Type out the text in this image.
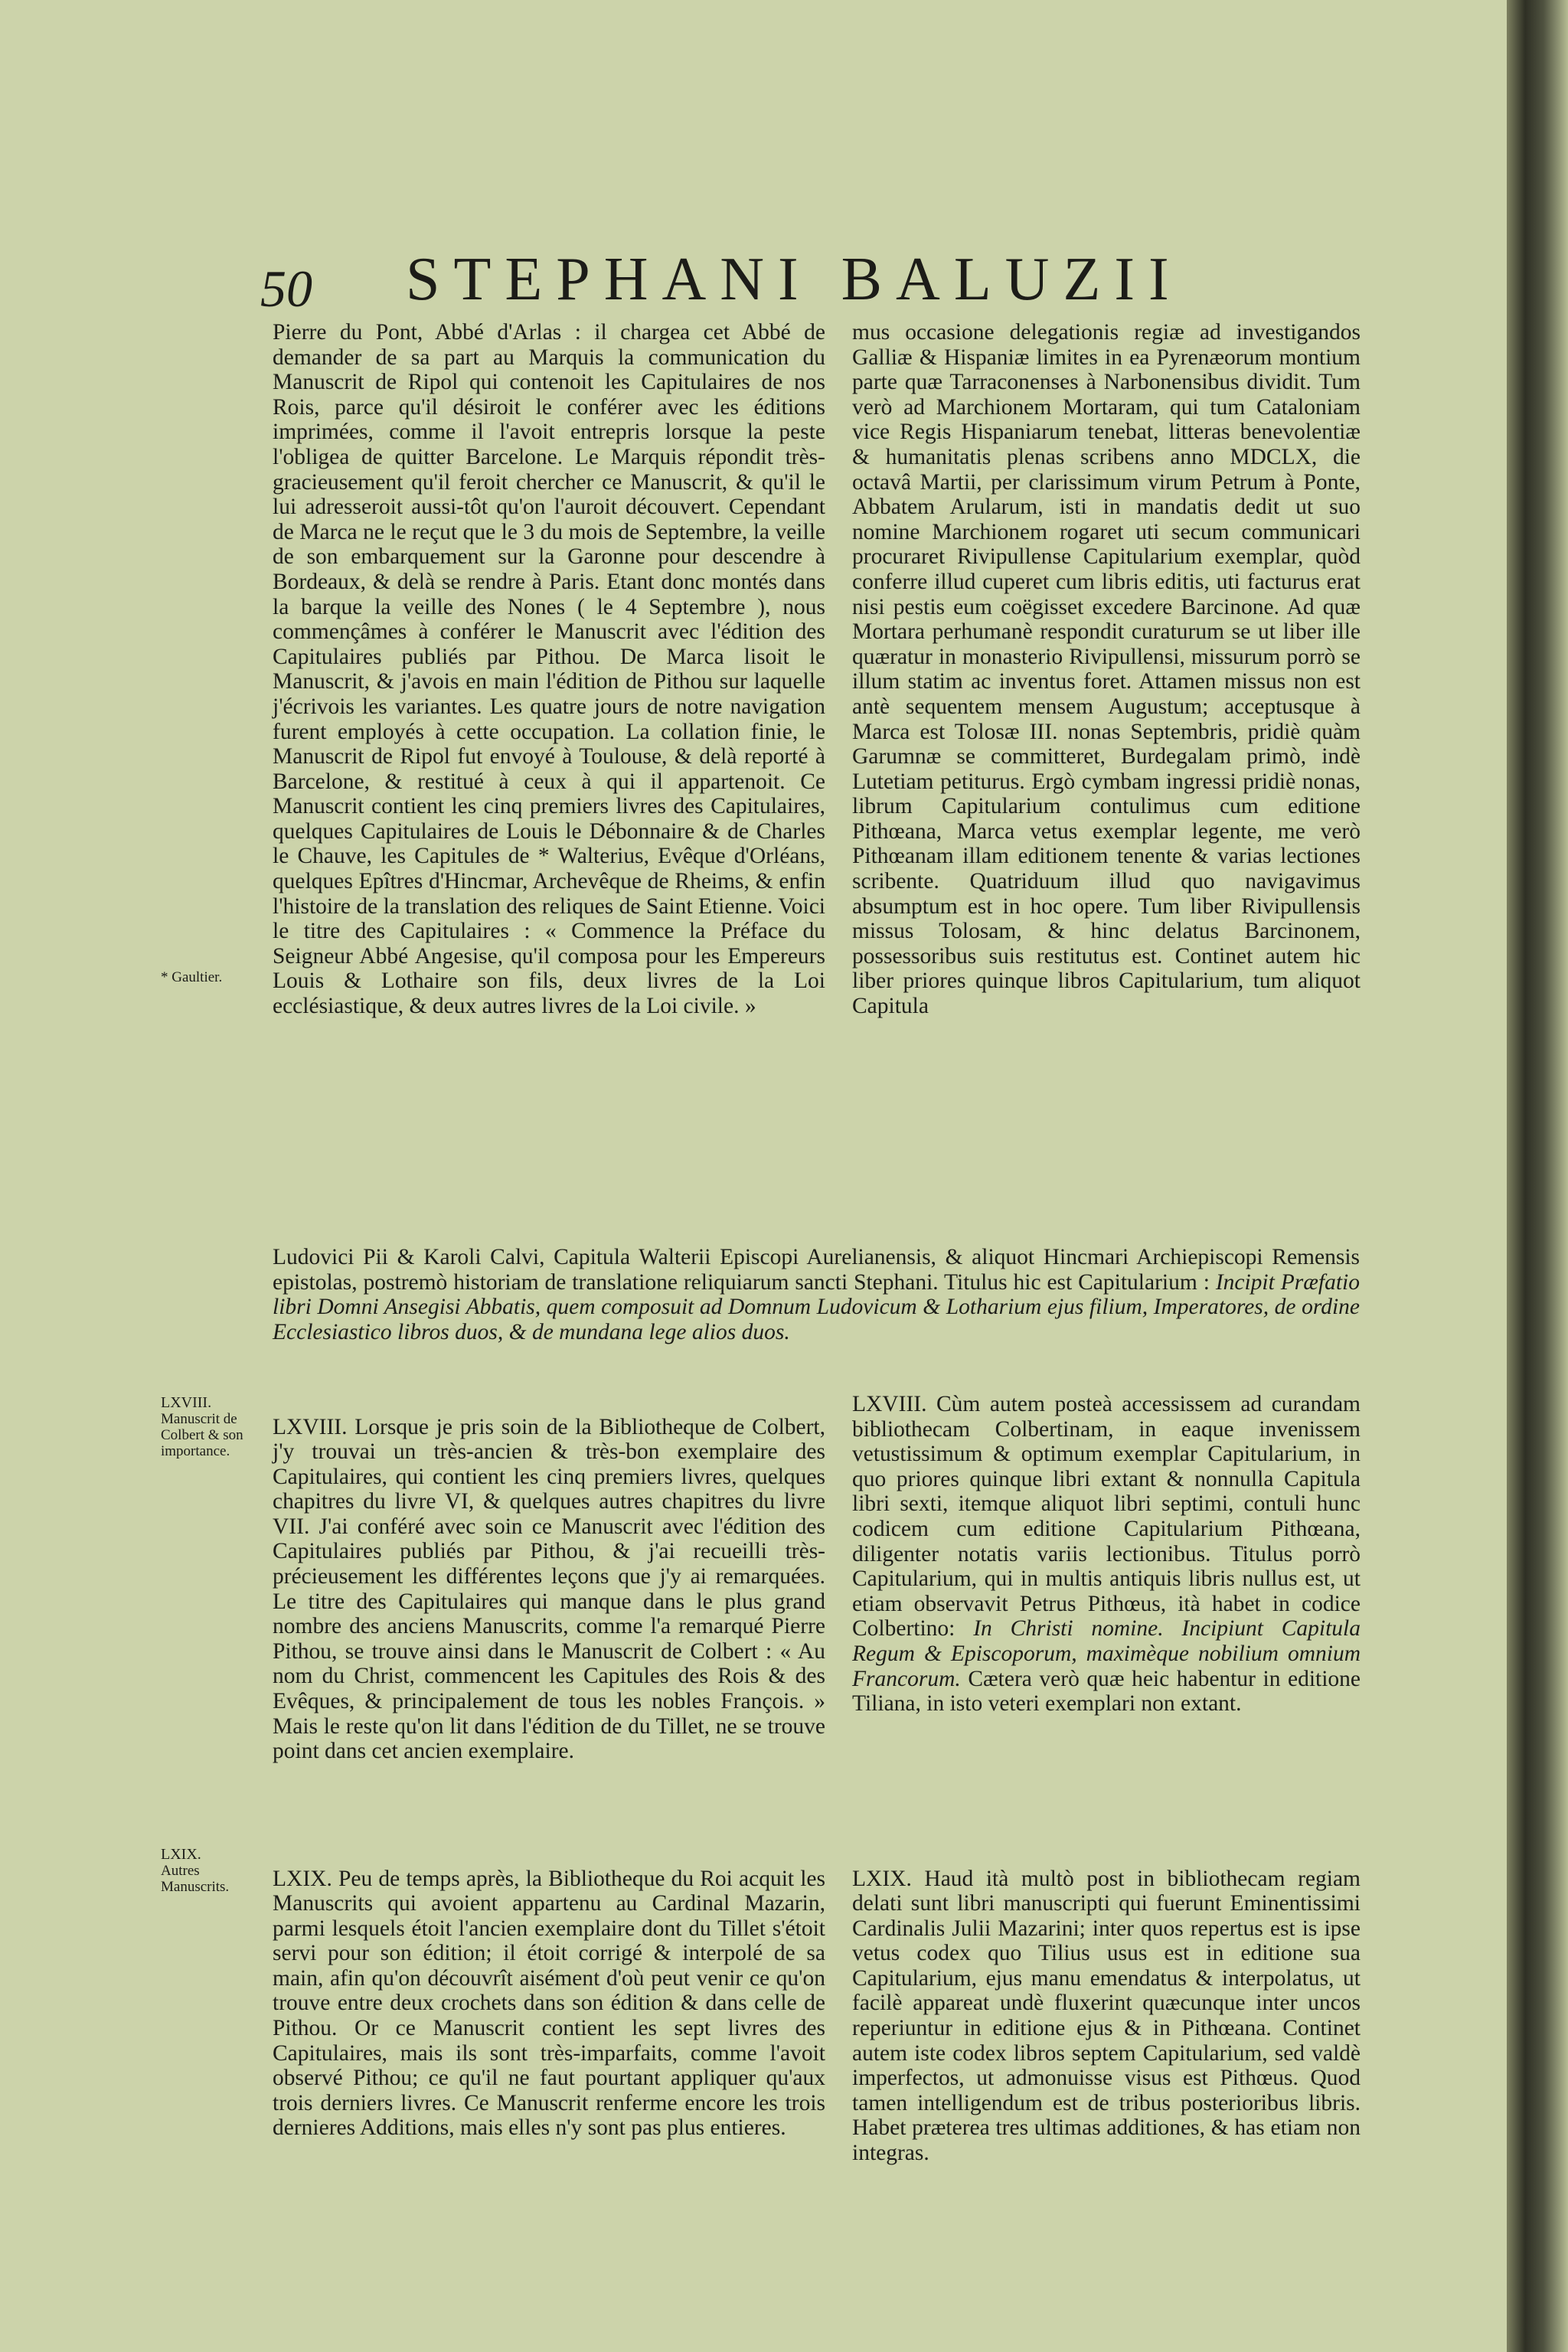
50 STEPHANI BALUZII

Pierre du Pont, Abbé d'Arlas : il chargea cet Abbé de demander de sa part au Marquis la communication du Manuscrit de Ripol qui contenoit les Capitulaires de nos Rois, parce qu'il désiroit le conférer avec les éditions imprimées, comme il l'avoit entrepris lorsque la peste l'obligea de quitter Barcelone. Le Marquis répondit très-gracieusement qu'il feroit chercher ce Manuscrit, & qu'il le lui adresseroit aussi-tôt qu'on l'auroit découvert. Cependant de Marca ne le reçut que le 3 du mois de Septembre, la veille de son embarquement sur la Garonne pour descendre à Bordeaux, & delà se rendre à Paris. Etant donc montés dans la barque la veille des Nones ( le 4 Septembre ), nous commençâmes à conférer le Manuscrit avec l'édition des Capitulaires publiés par Pithou. De Marca lisoit le Manuscrit, & j'avois en main l'édition de Pithou sur laquelle j'écrivois les variantes. Les quatre jours de notre navigation furent employés à cette occupation. La collation finie, le Manuscrit de Ripol fut envoyé à Toulouse, & delà reporté à Barcelone, & restitué à ceux à qui il appartenoit. Ce Manuscrit contient les cinq premiers livres des Capitulaires, quelques Capitulaires de Louis le Débonnaire & de Charles le Chauve, les Capitules de * Walterius, Evêque d'Orléans, quelques Epîtres d'Hincmar, Archevêque de Rheims, & enfin l'histoire de la translation des reliques de Saint Etienne. Voici le titre des Capitulaires : « Commence la Préface du Seigneur Abbé Angesise, qu'il composa pour les Empereurs Louis & Lothaire son fils, deux livres de la Loi ecclésiastique, & deux autres livres de la Loi civile. »

mus occasione delegationis regiæ ad investigandos Galliæ & Hispaniæ limites in ea Pyrenæorum montium parte quæ Tarraconenses à Narbonensibus dividit. Tum verò ad Marchionem Mortaram, qui tum Cataloniam vice Regis Hispaniarum tenebat, litteras benevolentiæ & humanitatis plenas scribens anno MDCLX, die octavâ Martii, per clarissimum virum Petrum à Ponte, Abbatem Arularum, isti in mandatis dedit ut suo nomine Marchionem rogaret uti secum communicari procuraret Rivipullense Capitularium exemplar, quòd conferre illud cuperet cum libris editis, uti facturus erat nisi pestis eum coëgisset excedere Barcinone. Ad quæ Mortara perhumanè respondit curaturum se ut liber ille quæratur in monasterio Rivipullensi, missurum porrò se illum statim ac inventus foret. Attamen missus non est antè sequentem mensem Augustum; acceptusque à Marca est Tolosæ III. nonas Septembris, pridiè quàm Garumnæ se committeret, Burdegalam primò, indè Lutetiam petiturus. Ergò cymbam ingressi pridiè nonas, librum Capitularium contulimus cum editione Pithœana, Marca vetus exemplar legente, me verò Pithœanam illam editionem tenente & varias lectiones scribente. Quatriduum illud quo navigavimus absumptum est in hoc opere. Tum liber Rivipullensis missus Tolosam, & hinc delatus Barcinonem, possessoribus suis restitutus est. Continet autem hic liber priores quinque libros Capitularium, tum aliquot Capitula

* Gaultier.
Ludovici Pii & Karoli Calvi, Capitula Walterii Episcopi Aurelianensis, & aliquot Hincmari Archiepiscopi Remensis epistolas, postremò historiam de translatione reliquiarum sancti Stephani. Titulus hic est Capitularium : Incipit Præfatio libri Domni Ansegisi Abbatis, quem composuit ad Domnum Ludovicum & Lotharium ejus filium, Imperatores, de ordine Ecclesiastico libros duos, & de mundana lege alios duos.
LXVIII.
Manuscrit de Colbert & son importance.

LXVIII. Lorsque je pris soin de la Bibliotheque de Colbert, j'y trouvai un très-ancien & très-bon exemplaire des Capitulaires, qui contient les cinq premiers livres, quelques chapitres du livre VI, & quelques autres chapitres du livre VII. J'ai conféré avec soin ce Manuscrit avec l'édition des Capitulaires publiés par Pithou, & j'ai recueilli très-précieusement les différentes leçons que j'y ai remarquées. Le titre des Capitulaires qui manque dans le plus grand nombre des anciens Manuscrits, comme l'a remarqué Pierre Pithou, se trouve ainsi dans le Manuscrit de Colbert : « Au nom du Christ, commencent les Capitules des Rois & des Evêques, & principalement de tous les nobles François. » Mais le reste qu'on lit dans l'édition de du Tillet, ne se trouve point dans cet ancien exemplaire.

LXVIII. Cùm autem posteà accessissem ad curandam bibliothecam Colbertinam, in eaque invenissem vetustissimum & optimum exemplar Capitularium, in quo priores quinque libri extant & nonnulla Capitula libri sexti, itemque aliquot libri septimi, contuli hunc codicem cum editione Capitularium Pithœana, diligenter notatis variis lectionibus. Titulus porrò Capitularium, qui in multis antiquis libris nullus est, ut etiam observavit Petrus Pithœus, ità habet in codice Colbertino: In Christi nomine. Incipiunt Capitula Regum & Episcoporum, maximèque nobilium omnium Francorum. Cætera verò quæ heic habentur in editione Tiliana, in isto veteri exemplari non extant.

LXIX.
Autres Manuscrits.	LXIX. Peu de temps après, la Bibliotheque du Roi acquit les Manuscrits qui avoient appartenu au Cardinal Mazarin, parmi lesquels étoit l'ancien exemplaire dont du Tillet s'étoit servi pour son édition; il étoit corrigé & interpolé de sa main, afin qu'on découvrît aisément d'où peut venir ce qu'on trouve entre deux crochets dans son édition & dans celle de Pithou. Or ce Manuscrit contient les sept livres des Capitulaires, mais ils sont très-imparfaits, comme l'avoit observé Pithou; ce qu'il ne faut pourtant appliquer qu'aux trois derniers livres. Ce Manuscrit renferme encore les trois dernieres Additions, mais elles n'y sont pas plus entieres.

LXIX. Haud ità multò post in bibliothecam regiam delati sunt libri manuscripti qui fuerunt Eminentissimi Cardinalis Julii Mazarini; inter quos repertus est is ipse vetus codex quo Tilius usus est in editione sua Capitularium, ejus manu emendatus & interpolatus, ut facilè appareat undè fluxerint quæcunque inter uncos reperiuntur in editione ejus & in Pithœana. Continet autem iste codex libros septem Capitularium, sed valdè imperfectos, ut admonuisse visus est Pithœus. Quod tamen intelligendum est de tribus posterioribus libris. Habet præterea tres ultimas additiones, & has etiam non integras.
